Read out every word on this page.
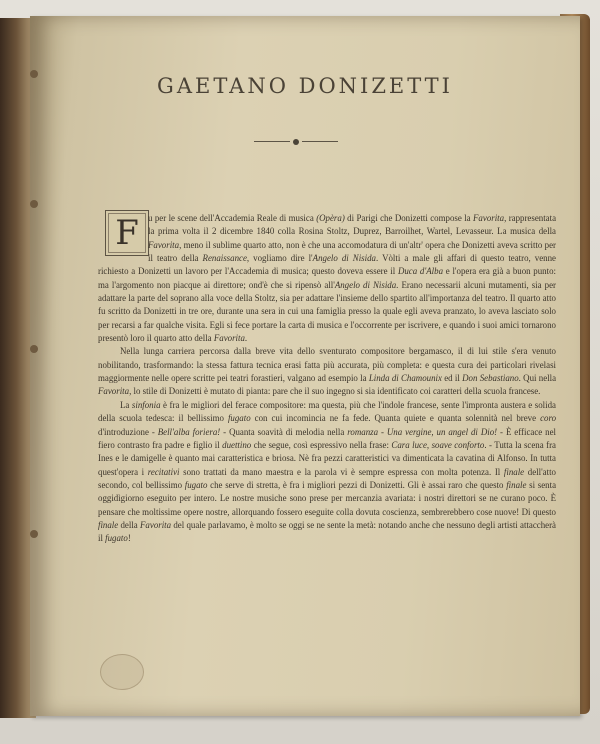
GAETANO DONIZETTI
F	u per le scene dell'Accademia Reale di musica (Opèra) di Parigi che Donizetti compose la Favorita, rappresentata la prima volta il 2 dicembre 1840 colla Rosina Stoltz, Duprez, Barroilhet, Wartel, Levasseur. La musica della Favorita, meno il sublime quarto atto, non è che una accomodatura di un'altr' opera che Donizetti aveva scritto per il teatro della Renaissance, vogliamo dire l'Angelo di Nisida. Vòlti a male gli affari di questo teatro, venne richiesto a Donizetti un lavoro per l'Accademia di musica; questo doveva essere il Duca d'Alba e l'opera era già a buon punto: ma l'argomento non piacque ai direttore; ond'è che si ripensò all'Angelo di Nisida. Erano necessarii alcuni mutamenti, sia per adattare la parte del soprano alla voce della Stoltz, sia per adattare l'insieme dello spartito all'importanza del teatro. Il quarto atto fu scritto da Donizetti in tre ore, durante una sera in cui una famiglia presso la quale egli aveva pranzato, lo aveva lasciato solo per recarsi a far qualche visita. Egli si fece portare la carta di musica e l'occorrente per iscrivere, e quando i suoi amici tornarono presentò loro il quarto atto della Favorita.

Nella lunga carriera percorsa dalla breve vita dello sventurato compositore bergamasco, il di lui stile s'era venuto nobilitando, trasformando: la stessa fattura tecnica erasi fatta più accurata, più completa: e questa cura dei particolari rivelasi maggiormente nelle opere scritte pei teatri forastieri, valgano ad esempio la Linda di Chamounix ed il Don Sebastiano. Qui nella Favorita, lo stile di Donizetti è mutato di pianta: pare che il suo ingegno si sia identificato coi caratteri della scuola francese.

La sinfonia è fra le migliori del ferace compositore: ma questa, più che l'indole francese, sente l'impronta austera e solida della scuola tedesca: il bellissimo fugato con cui incomincia ne fa fede. Quanta quiete e quanta solennità nel breve coro d'introduzione - Bell'alba foriera! - Quanta soavità di melodia nella romanza - Una vergine, un angel di Dio! - È efficace nel fiero contrasto fra padre e figlio il duettino che segue, così espressivo nella frase: Cara luce, soave conforto. - Tutta la scena fra Ines e le damigelle è quanto mai caratteristica e briosa. Nè fra pezzi caratteristici va dimenticata la cavatina di Alfonso. In tutta quest'opera i recitativi sono trattati da mano maestra e la parola vi è sempre espressa con molta potenza. Il finale dell'atto secondo, col bellissimo fugato che serve di stretta, è fra i migliori pezzi di Donizetti. Gli è assai raro che questo finale si senta oggidìgiorno eseguito per intero. Le nostre musiche sono prese per mercanzia avariata: i nostri direttori se ne curano poco. È pensare che moltissime opere nostre, allorquando fossero eseguite colla dovuta coscienza, sembrerebbero cose nuove! Di questo finale della Favorita del quale parlavamo, è molto se oggi se ne sente la metà: notando anche che nessuno degli artisti attaccherà il fugato!
